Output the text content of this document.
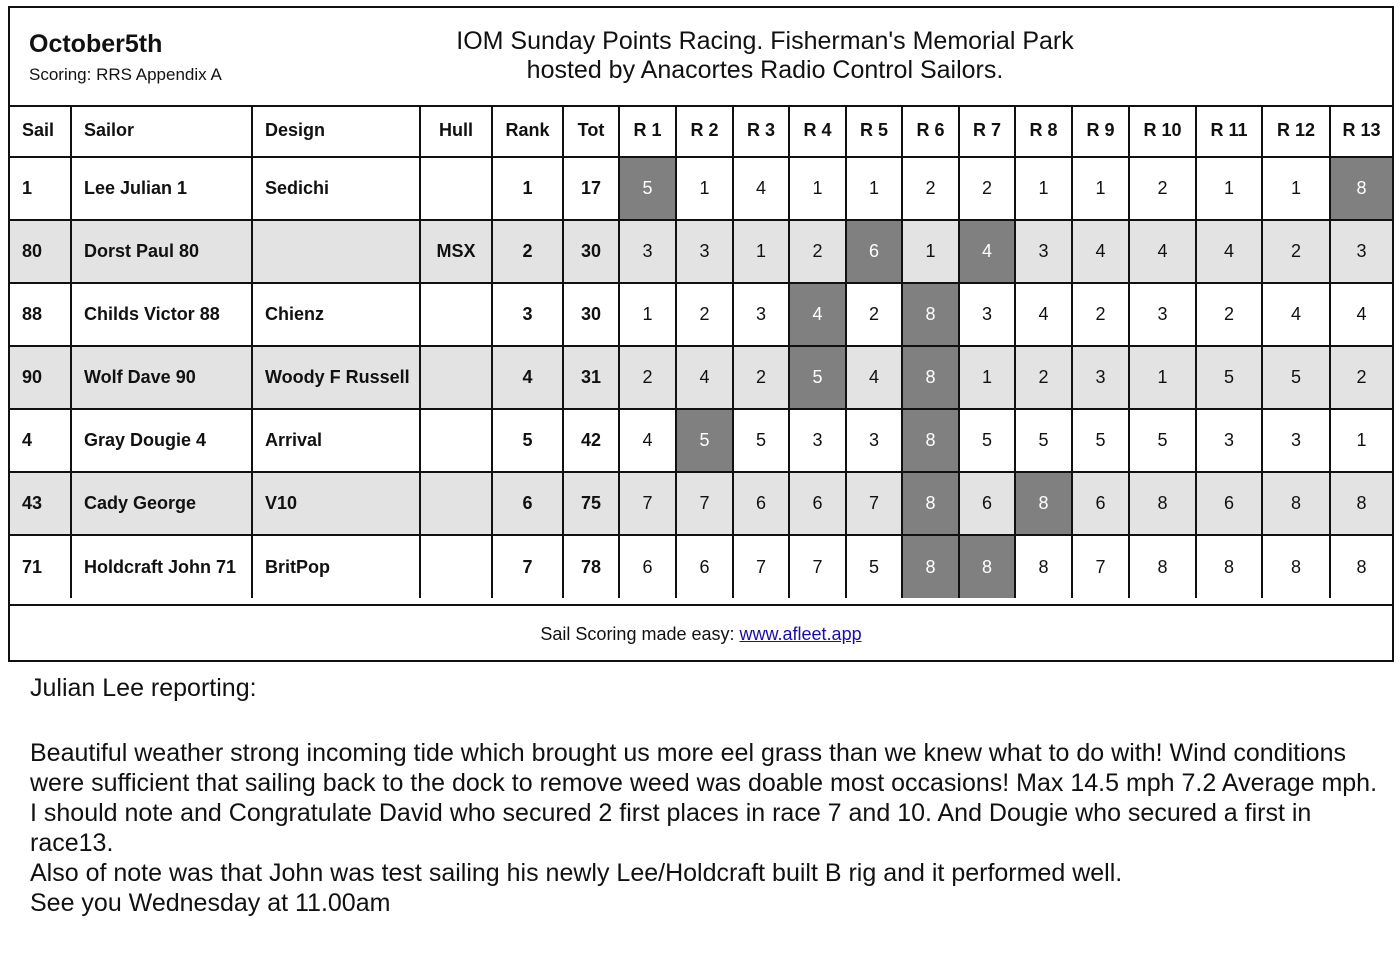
October5th
Scoring: RRS Appendix A
IOM Sunday Points Racing. Fisherman's Memorial Park
hosted by Anacortes Radio Control Sailors.
Sail	Sailor	Design	Hull	Rank	Tot	R 1	R 2	R 3	R 4	R 5	R 6	R 7	R 8	R 9	R 10	R 11	R 12	R 13
1	Lee Julian 1	Sedichi		1	17	5	1	4	1	1	2	2	1	1	2	1	1	8
80	Dorst Paul 80		MSX	2	30	3	3	1	2	6	1	4	3	4	4	4	2	3
88	Childs Victor 88	Chienz		3	30	1	2	3	4	2	8	3	4	2	3	2	4	4
90	Wolf Dave 90	Woody F Russell		4	31	2	4	2	5	4	8	1	2	3	1	5	5	2
4	Gray Dougie 4	Arrival		5	42	4	5	5	3	3	8	5	5	5	5	3	3	1
43	Cady George	V10		6	75	7	7	6	6	7	8	6	8	6	8	6	8	8
71	Holdcraft John 71	BritPop		7	78	6	6	7	7	5	8	8	8	7	8	8	8	8
Sail Scoring made easy: www.afleet.app

Julian Lee reporting:

Beautiful weather strong incoming tide which brought us more eel grass than we knew what to do with! Wind conditions were sufficient that sailing back to the dock to remove weed was doable most occasions! Max 14.5 mph 7.2 Average mph.

I should note and Congratulate David who secured 2 first places in race 7 and 10. And Dougie who secured a first in race13.

Also of note was that John was test sailing his newly Lee/Holdcraft built B rig and it performed well.

See you Wednesday at 11.00am
